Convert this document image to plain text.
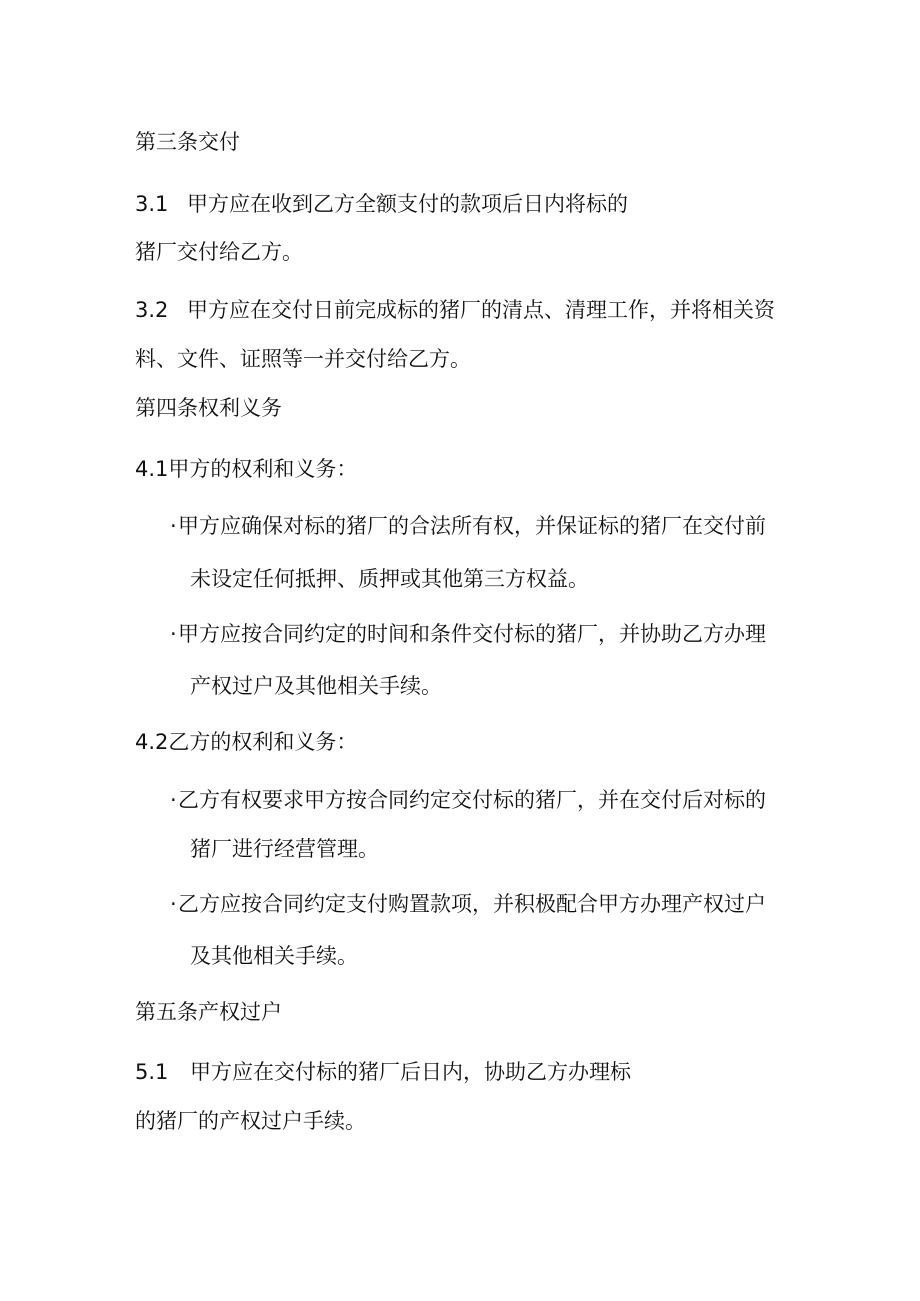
第三条交付

3.1 甲方应在收到乙方全额支付的款项后日内将标的

猪厂交付给乙方。

3.2 甲方应在交付日前完成标的猪厂的清点、清理工作，并将相关资

料、文件、证照等一并交付给乙方。

第四条权利义务

4.1甲方的权利和义务：

·甲方应确保对标的猪厂的合法所有权，并保证标的猪厂在交付前

未设定任何抵押、质押或其他第三方权益。

·甲方应按合同约定的时间和条件交付标的猪厂，并协助乙方办理

产权过户及其他相关手续。

4.2乙方的权利和义务：

·乙方有权要求甲方按合同约定交付标的猪厂，并在交付后对标的

猪厂进行经营管理。

·乙方应按合同约定支付购置款项，并积极配合甲方办理产权过户

及其他相关手续。

第五条产权过户

5.1 甲方应在交付标的猪厂后日内，协助乙方办理标

的猪厂的产权过户手续。
